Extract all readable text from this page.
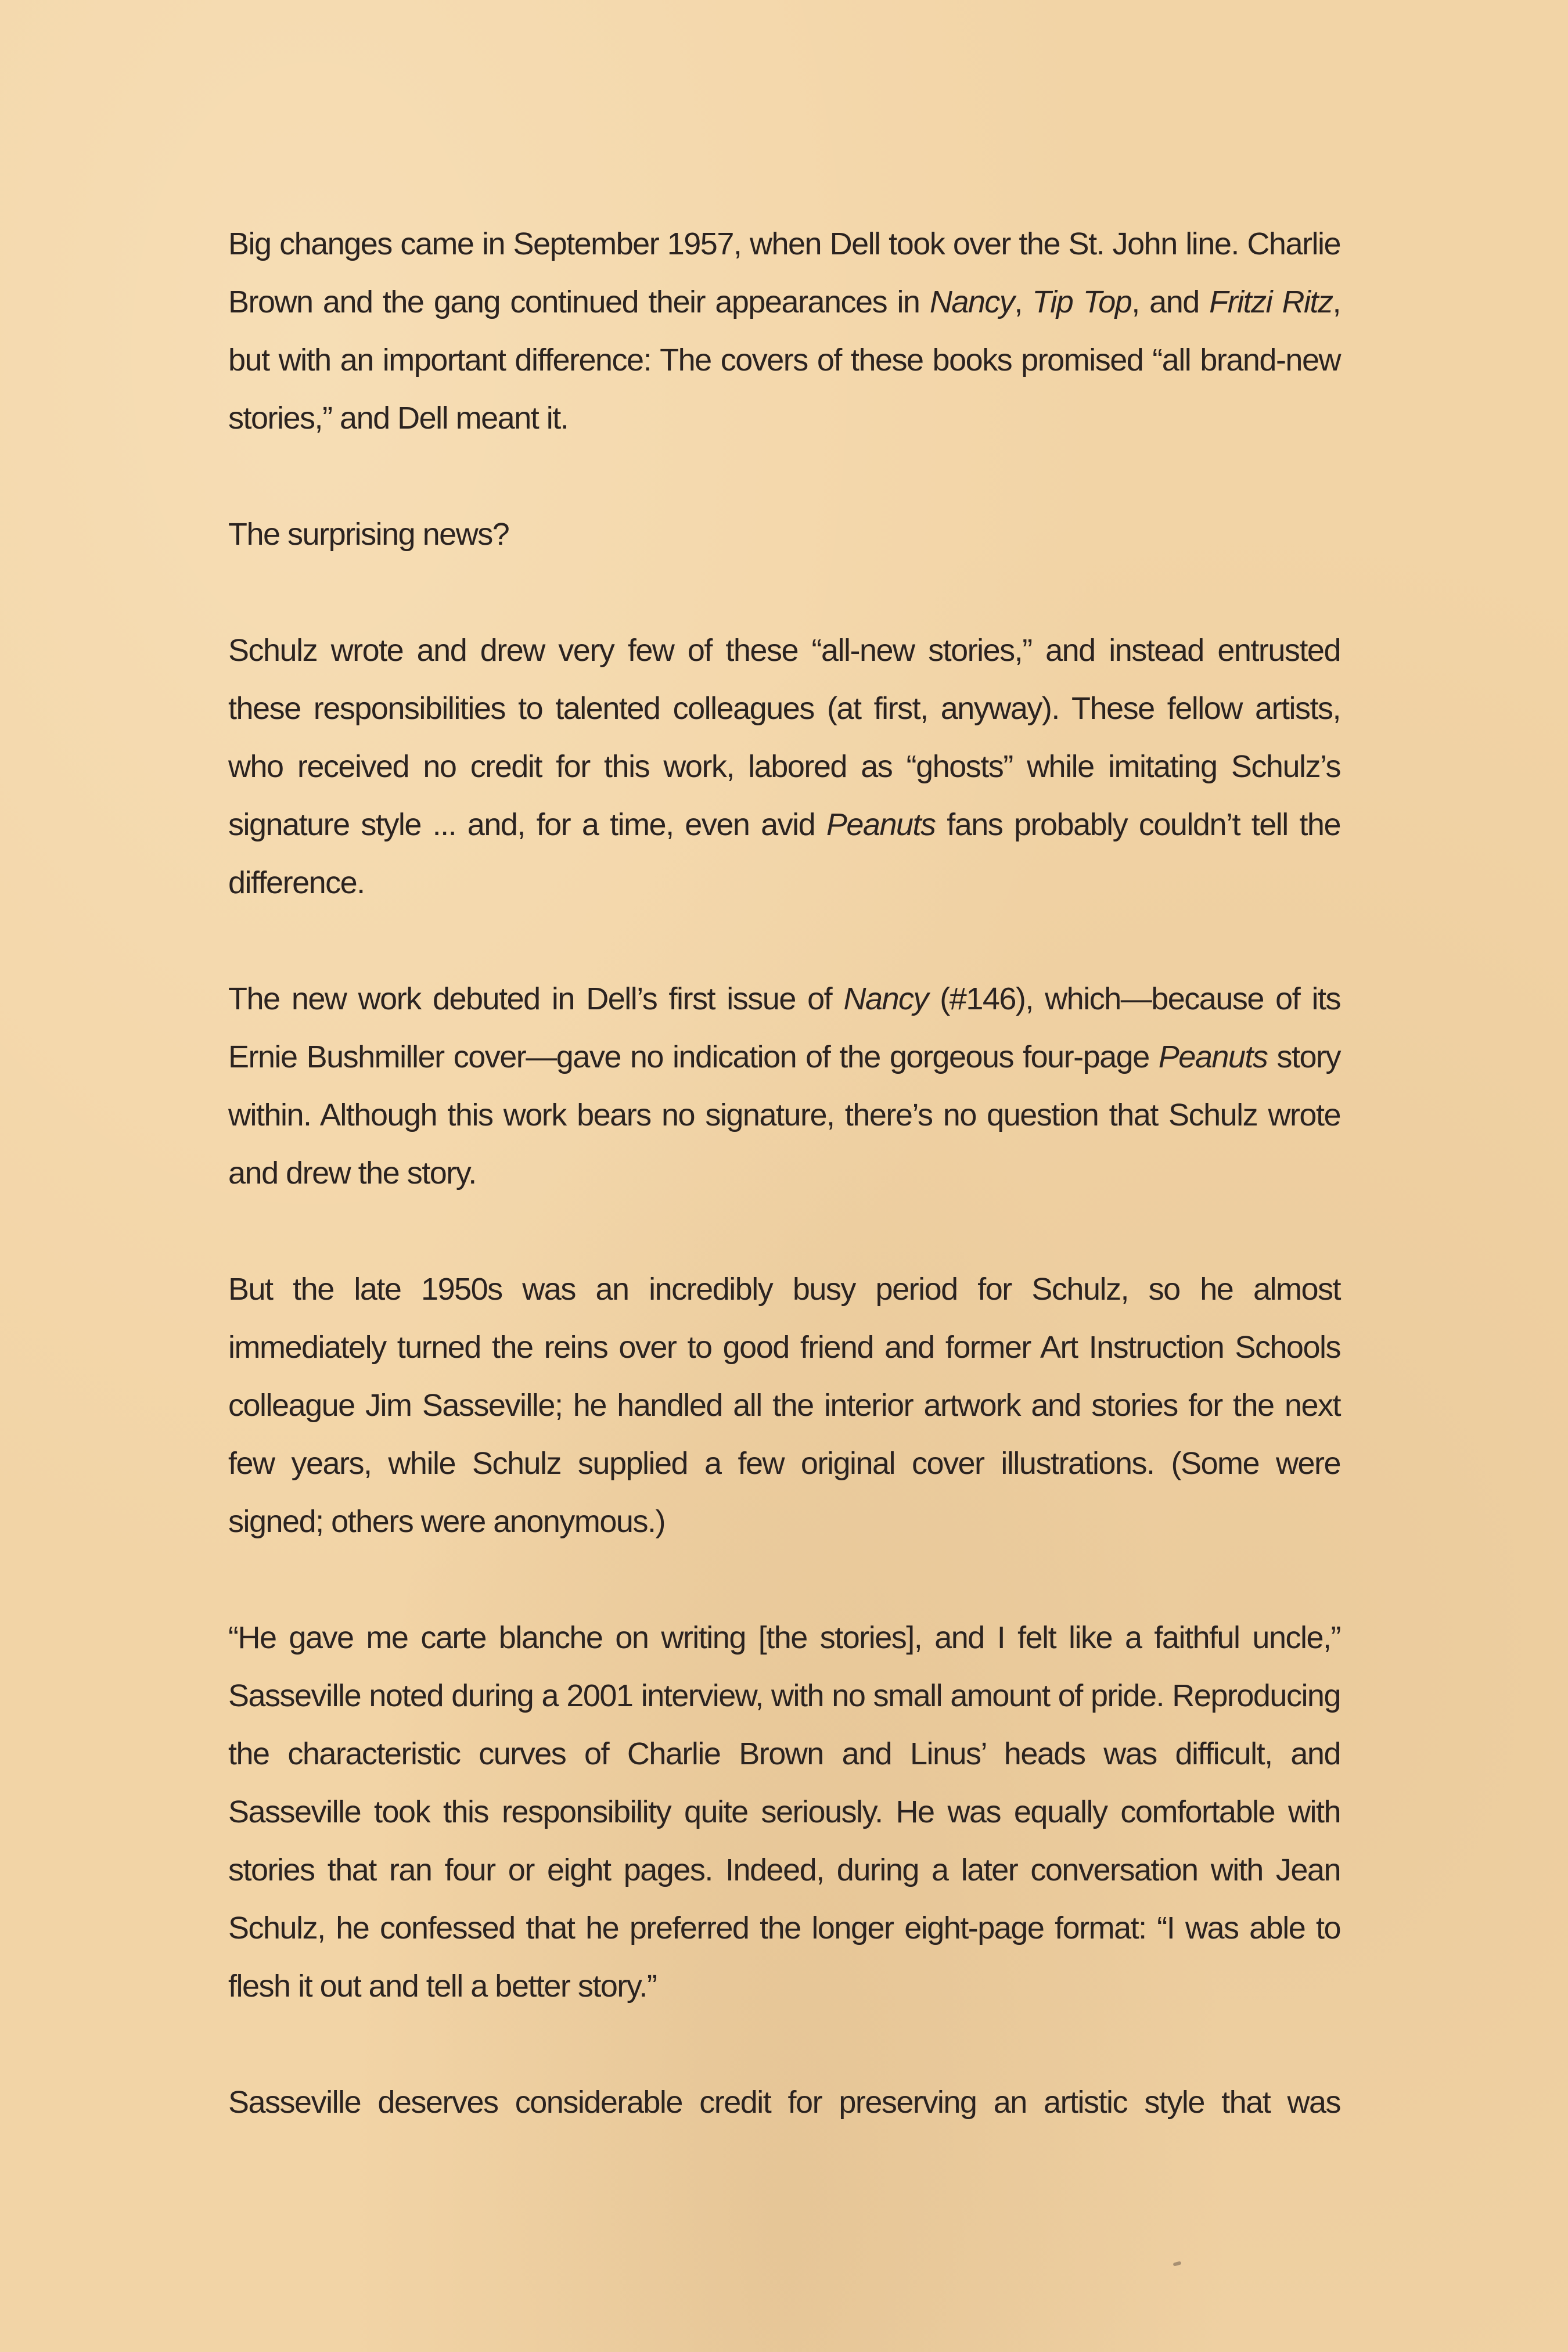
Big changes came in September 1957, when Dell took over the St. John line. Charlie Brown and the gang continued their appearances in Nancy, Tip Top, and Fritzi Ritz, but with an important difference: The covers of these books promised “all brand-new stories,” and Dell meant it.

The surprising news?

Schulz wrote and drew very few of these “all-new stories,” and instead entrusted these responsibilities to talented colleagues (at first, anyway). These fellow artists, who received no credit for this work, labored as “ghosts” while imitating Schulz’s signature style ... and, for a time, even avid Peanuts fans probably couldn’t tell the difference.

The new work debuted in Dell’s first issue of Nancy (#146), which—because of its Ernie Bushmiller cover—gave no indication of the gorgeous four-page Peanuts story within. Although this work bears no signature, there’s no question that Schulz wrote and drew the story.

But the late 1950s was an incredibly busy period for Schulz, so he almost immediately turned the reins over to good friend and former Art Instruction Schools colleague Jim Sasseville; he handled all the interior artwork and stories for the next few years, while Schulz supplied a few original cover illustrations. (Some were signed; others were anonymous.)

“He gave me carte blanche on writing [the stories], and I felt like a faithful uncle,” Sasseville noted during a 2001 interview, with no small amount of pride. Reproducing the characteristic curves of Charlie Brown and Linus’ heads was difficult, and Sasseville took this responsibility quite seriously. He was equally comfortable with stories that ran four or eight pages. Indeed, during a later conversation with Jean Schulz, he confessed that he preferred the longer eight-page format: “I was able to flesh it out and tell a better story.”

Sasseville deserves considerable credit for preserving an artistic style that was
